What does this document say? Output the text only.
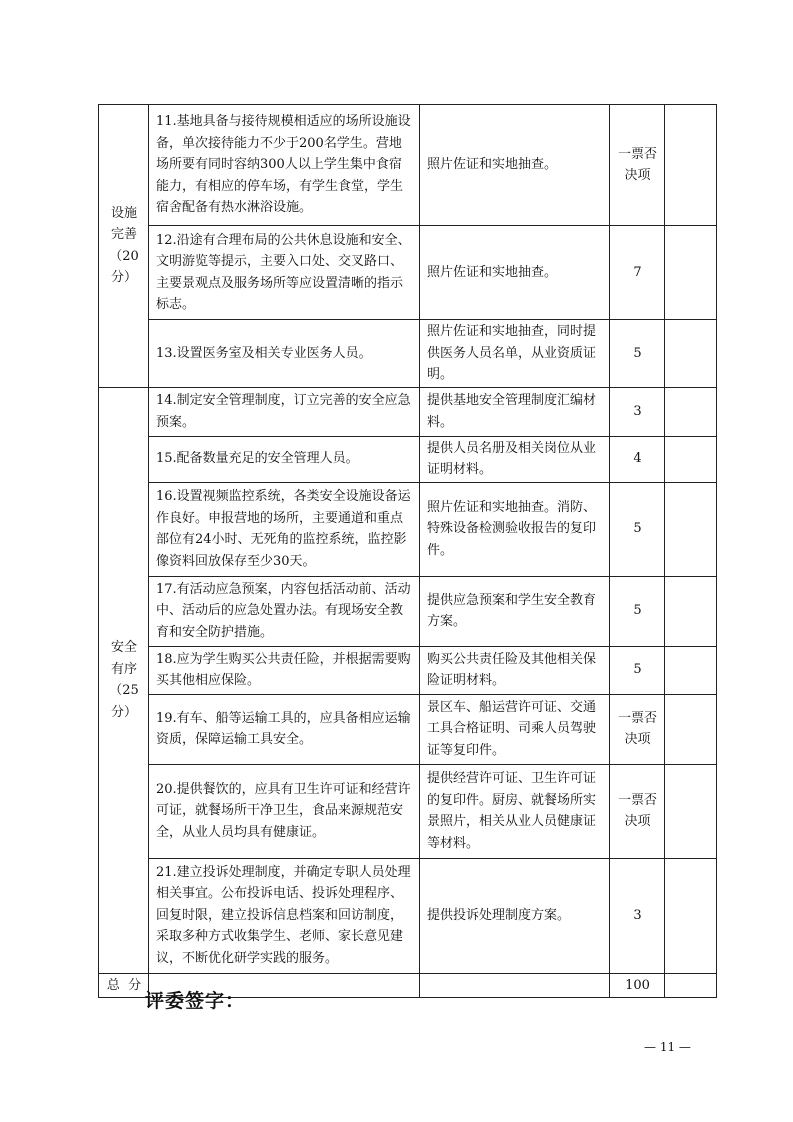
设施
完善
（20
分）	11.基地具备与接待规模相适应的场所设施设备，单次接待能力不少于200名学生。营地场所要有同时容纳300人以上学生集中食宿能力，有相应的停车场，有学生食堂，学生宿舍配备有热水淋浴设施。	照片佐证和实地抽查。	一票否决项	
	12.沿途有合理布局的公共休息设施和安全、文明游览等提示，主要入口处、交叉路口、主要景观点及服务场所等应设置清晰的指示标志。	照片佐证和实地抽查。	7	
	13.设置医务室及相关专业医务人员。	照片佐证和实地抽查，同时提供医务人员名单，从业资质证明。	5	

安全
有序
（25
分）	14.制定安全管理制度，订立完善的安全应急预案。	提供基地安全管理制度汇编材料。	3	
	15.配备数量充足的安全管理人员。	提供人员名册及相关岗位从业证明材料。	4	
	16.设置视频监控系统，各类安全设施设备运作良好。申报营地的场所，主要通道和重点部位有24小时、无死角的监控系统，监控影像资料回放保存至少30天。	照片佐证和实地抽查。消防、特殊设备检测验收报告的复印件。	5	
	17.有活动应急预案，内容包括活动前、活动中、活动后的应急处置办法。有现场安全教育和安全防护措施。	提供应急预案和学生安全教育方案。	5	
	18.应为学生购买公共责任险，并根据需要购买其他相应保险。	购买公共责任险及其他相关保险证明材料。	5	
	19.有车、船等运输工具的，应具备相应运输资质，保障运输工具安全。	景区车、船运营许可证、交通工具合格证明、司乘人员驾驶证等复印件。	一票否决项	
	20.提供餐饮的，应具有卫生许可证和经营许可证，就餐场所干净卫生，食品来源规范安全，从业人员均具有健康证。	提供经营许可证、卫生许可证的复印件。厨房、就餐场所实景照片，相关从业人员健康证等材料。	一票否决项	
	21.建立投诉处理制度，并确定专职人员处理相关事宜。公布投诉电话、投诉处理程序、回复时限，建立投诉信息档案和回访制度，采取多种方式收集学生、老师、家长意见建议，不断优化研学实践的服务。	提供投诉处理制度方案。	3	
总  分			100	
评委签字：
— 11 —
